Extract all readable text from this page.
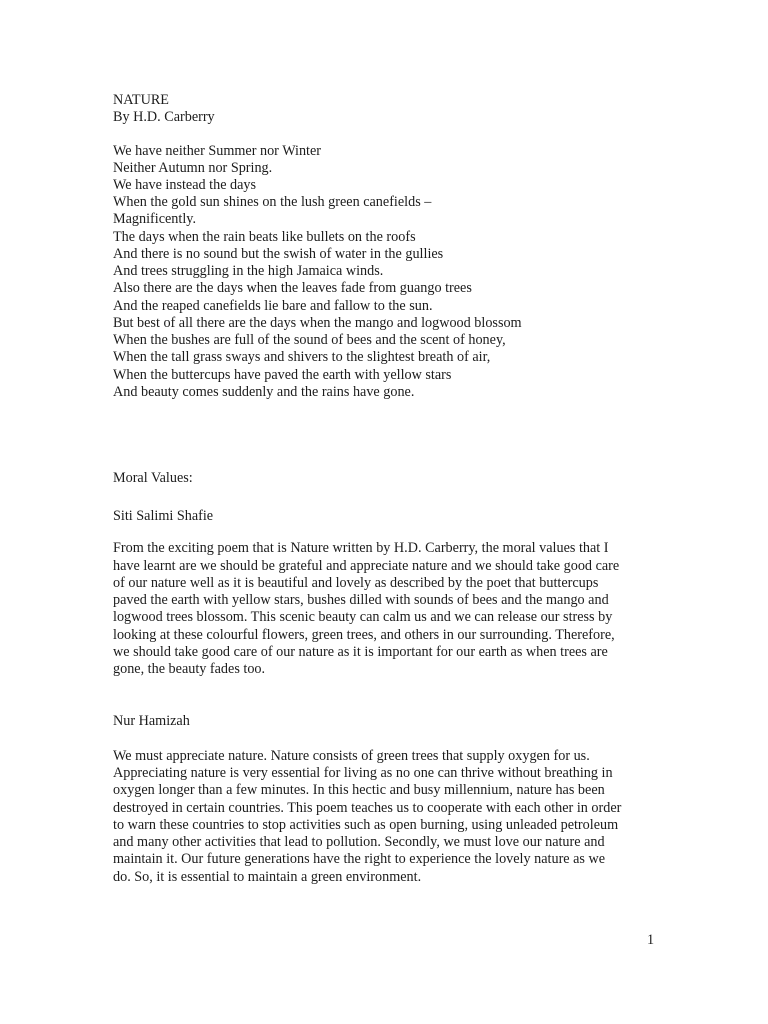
NATURE
By H.D. Carberry
We have neither Summer nor Winter
Neither Autumn nor Spring.
We have instead the days
When the gold sun shines on the lush green canefields –
Magnificently.
The days when the rain beats like bullets on the roofs
And there is no sound but the swish of water in the gullies
And trees struggling in the high Jamaica winds.
Also there are the days when the leaves fade from guango trees
And the reaped canefields lie bare and fallow to the sun.
But best of all there are the days when the mango and logwood blossom
When the bushes are full of the sound of bees and the scent of honey,
When the tall grass sways and shivers to the slightest breath of air,
When the buttercups have paved the earth with yellow stars
And beauty comes suddenly and the rains have gone.
Moral Values:
Siti Salimi Shafie
From the exciting poem that is Nature written by H.D. Carberry, the moral values that I
have learnt are we should be grateful and appreciate nature and we should take good care
of our nature well as it is beautiful and lovely as described by the poet that buttercups
paved the earth with yellow stars, bushes dilled with sounds of bees and the mango and
logwood trees blossom. This scenic beauty can calm us and we can release our stress by
looking at these colourful flowers, green trees, and others in our surrounding. Therefore,
we should take good care of our nature as it is important for our earth as when trees are
gone, the beauty fades too.
Nur Hamizah
We must appreciate nature. Nature consists of green trees that supply oxygen for us.
Appreciating nature is very essential for living as no one can thrive without breathing in
oxygen longer than a few minutes. In this hectic and busy millennium, nature has been
destroyed in certain countries. This poem teaches us to cooperate with each other in order
to warn these countries to stop activities such as open burning, using unleaded petroleum
and many other activities that lead to pollution. Secondly, we must love our nature and
maintain it. Our future generations have the right to experience the lovely nature as we
do. So, it is essential to maintain a green environment.
1
